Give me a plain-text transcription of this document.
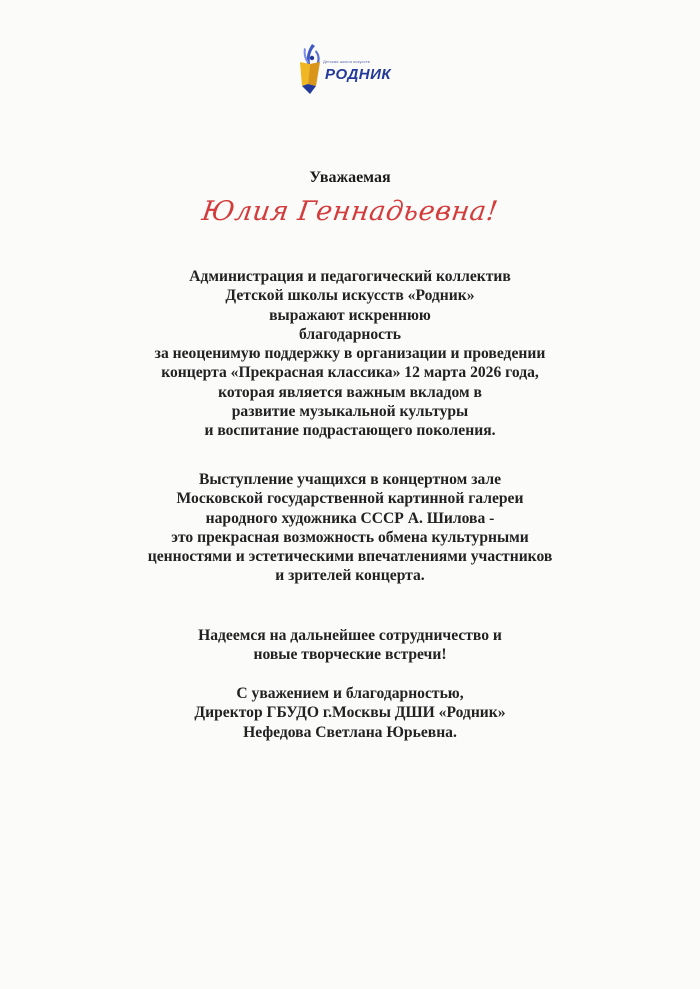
Детская школа искусств
РОДНИК
Уважаемая
Юлия Геннадьевна!
Администрация и педагогический коллектив
Детской школы искусств «Родник»
выражают искреннюю
благодарность
за неоценимую поддержку в организации и проведении
концерта «Прекрасная классика» 12 марта 2026 года,
которая является важным вкладом в
развитие музыкальной культуры
и воспитание подрастающего поколения.
Выступление учащихся в концертном зале
Московской государственной картинной галереи
народного художника СССР А. Шилова -
это прекрасная возможность обмена культурными
ценностями и эстетическими впечатлениями участников
и зрителей концерта.
Надеемся на дальнейшее сотрудничество и
новые творческие встречи!
С уважением и благодарностью,
Директор ГБУДО г.Москвы ДШИ «Родник»
Нефедова Светлана Юрьевна.
